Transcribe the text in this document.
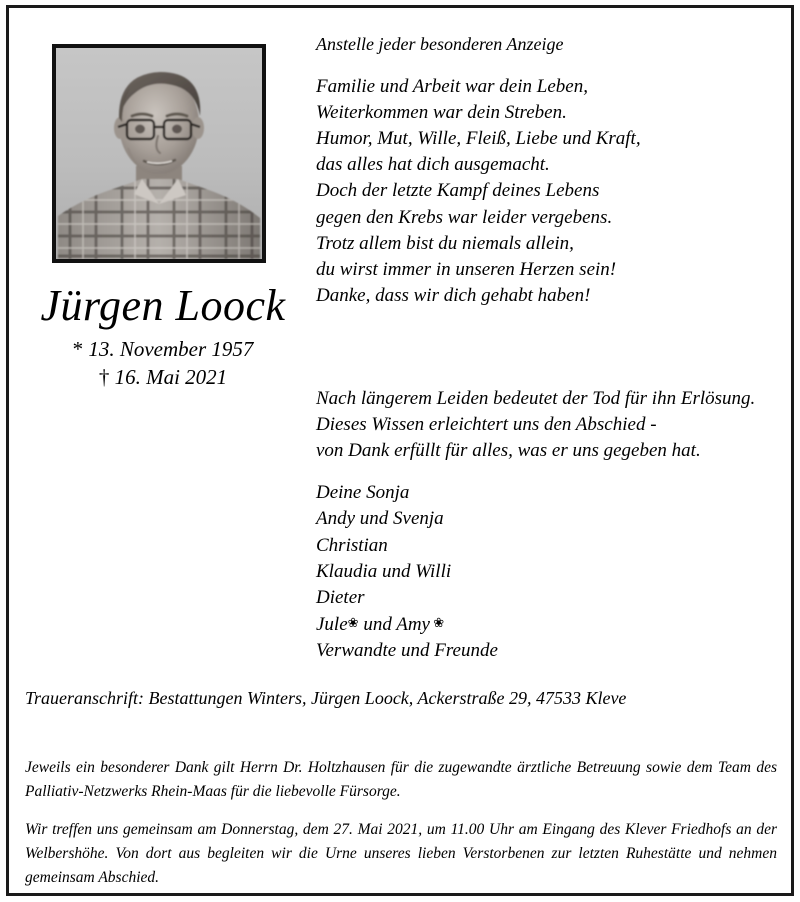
Anstelle jeder besonderen Anzeige
Familie und Arbeit war dein Leben,
Weiterkommen war dein Streben.
Humor, Mut, Wille, Fleiß, Liebe und Kraft,
das alles hat dich ausgemacht.
Doch der letzte Kampf deines Lebens
gegen den Krebs war leider vergebens.
Trotz allem bist du niemals allein,
du wirst immer in unseren Herzen sein!
Danke, dass wir dich gehabt haben!
Jürgen Loock
* 13. November 1957
† 16. Mai 2021
Nach längerem Leiden bedeutet der Tod für ihn Erlösung.
Dieses Wissen erleichtert uns den Abschied -
von Dank erfüllt für alles, was er uns gegeben hat.
Deine Sonja
Andy und Svenja
Christian
Klaudia und Willi
Dieter
Jule❀ und Amy ❀
Verwandte und Freunde
Traueranschrift: Bestattungen Winters, Jürgen Loock, Ackerstraße 29, 47533 Kleve
Jeweils ein besonderer Dank gilt Herrn Dr. Holtzhausen für die zugewandte ärztliche Betreuung sowie dem Team des Palliativ-Netzwerks Rhein-Maas für die liebevolle Fürsorge.
Wir treffen uns gemeinsam am Donnerstag, dem 27. Mai 2021, um 11.00 Uhr am Eingang des Klever Friedhofs an der Welbershöhe. Von dort aus begleiten wir die Urne unseres lieben Verstorbenen zur letzten Ruhestätte und nehmen gemeinsam Abschied.
